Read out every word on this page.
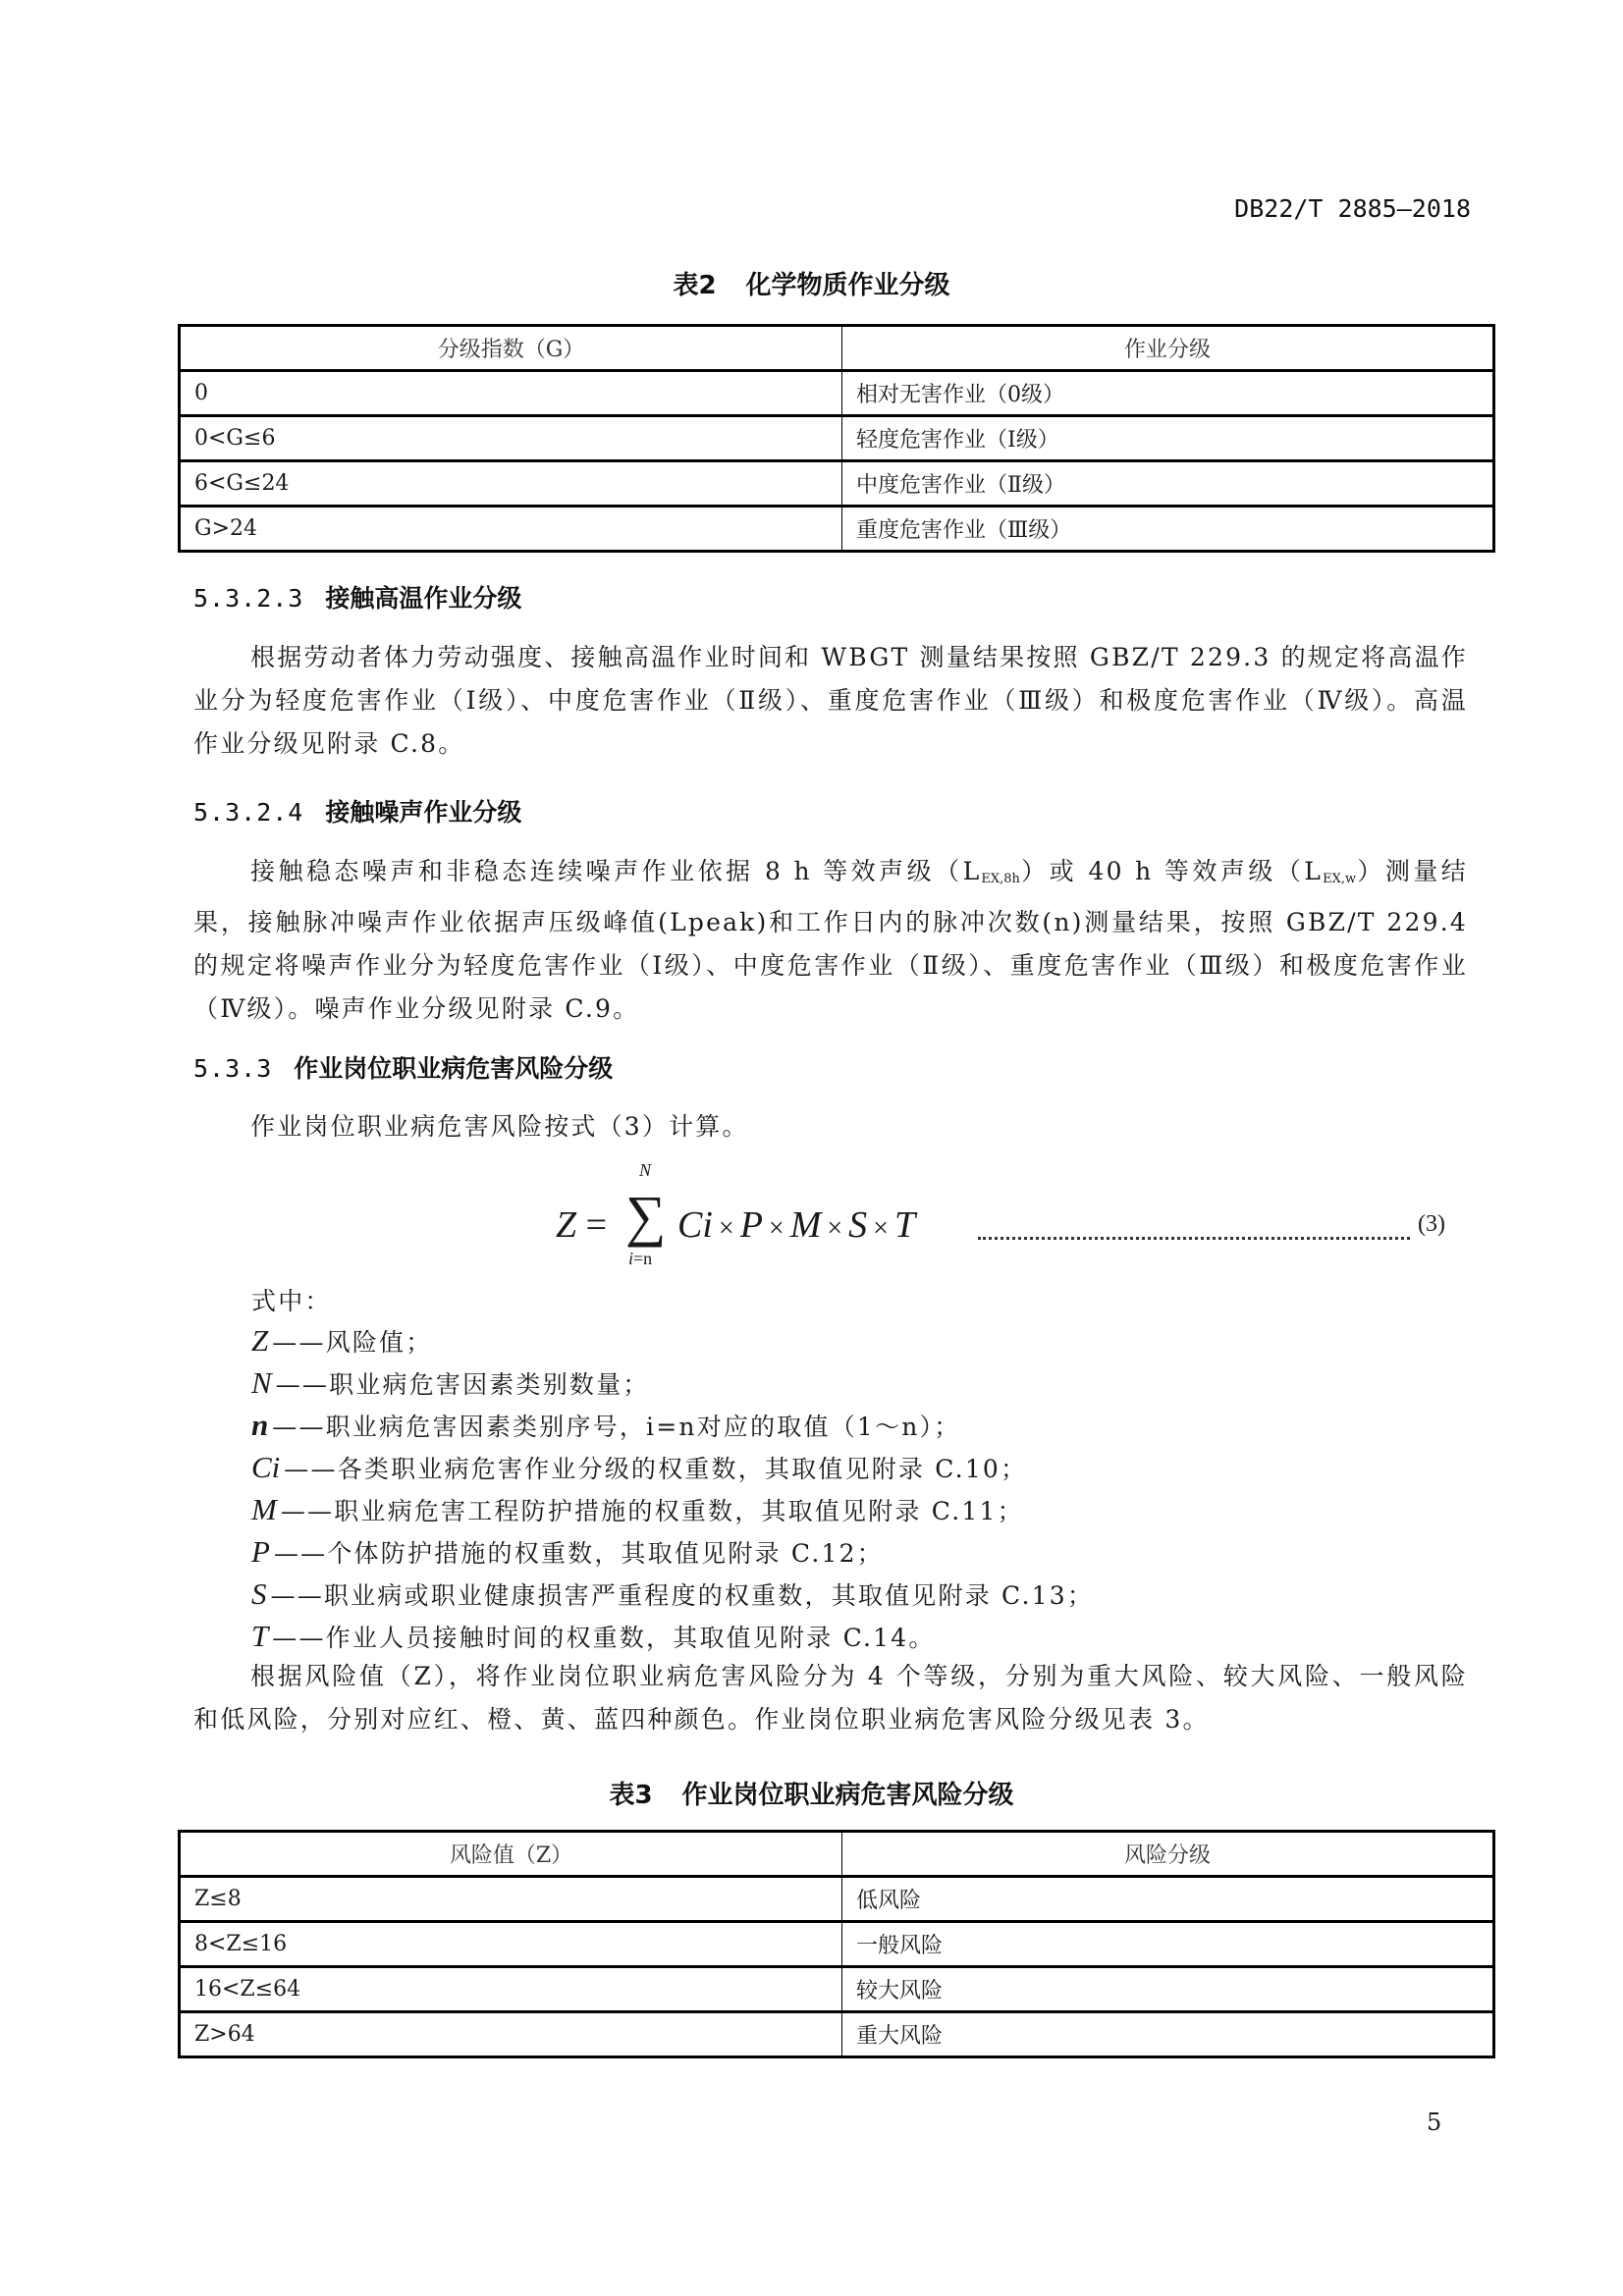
DB22/T 2885—2018
表2 化学物质作业分级
分级指数（G）	作业分级
0	相对无害作业（0级）
0<G≤6	轻度危害作业（Ⅰ级）
6<G≤24	中度危害作业（Ⅱ级）
G>24	重度危害作业（Ⅲ级）
5.3.2.3 接触高温作业分级
根据劳动者体力劳动强度、接触高温作业时间和 WBGT 测量结果按照 GBZ/T 229.3 的规定将高温作业分为轻度危害作业（Ⅰ级）、中度危害作业（Ⅱ级）、重度危害作业（Ⅲ级）和极度危害作业（Ⅳ级）。高温作业分级见附录 C.8。
5.3.2.4 接触噪声作业分级
接触稳态噪声和非稳态连续噪声作业依据 8 h 等效声级$(L_{EX,8h})$或 40 h 等效声级$(L_{EX,w})$测量结果，接触脉冲噪声作业依据声压级峰值(Lpeak)和工作日内的脉冲次数(n)测量结果，按照 GBZ/T 229.4 的规定将噪声作业分为轻度危害作业（Ⅰ级）、中度危害作业（Ⅱ级）、重度危害作业（Ⅲ级）和极度危害作业（Ⅳ级）。噪声作业分级见附录 C.9。
5.3.3 作业岗位职业病危害风险分级
作业岗位职业病危害风险按式（3）计算。
Z =
N
∑
i=n
Ci × P × M × S × T	(3)
式中：
Z ——风险值；
N ——职业病危害因素类别数量；
n ——职业病危害因素类别序号，i=n对应的取值（1～n）；
Ci ——各类职业病危害作业分级的权重数，其取值见附录 C.10；
M ——职业病危害工程防护措施的权重数，其取值见附录 C.11；
P ——个体防护措施的权重数，其取值见附录 C.12；
S ——职业病或职业健康损害严重程度的权重数，其取值见附录 C.13；
T ——作业人员接触时间的权重数，其取值见附录 C.14。
根据风险值（Z），将作业岗位职业病危害风险分为 4 个等级，分别为重大风险、较大风险、一般风险和低风险，分别对应红、橙、黄、蓝四种颜色。作业岗位职业病危害风险分级见表 3。
表3 作业岗位职业病危害风险分级
风险值（Z）	风险分级
Z≤8	低风险
8<Z≤16	一般风险
16<Z≤64	较大风险
Z>64	重大风险
5
